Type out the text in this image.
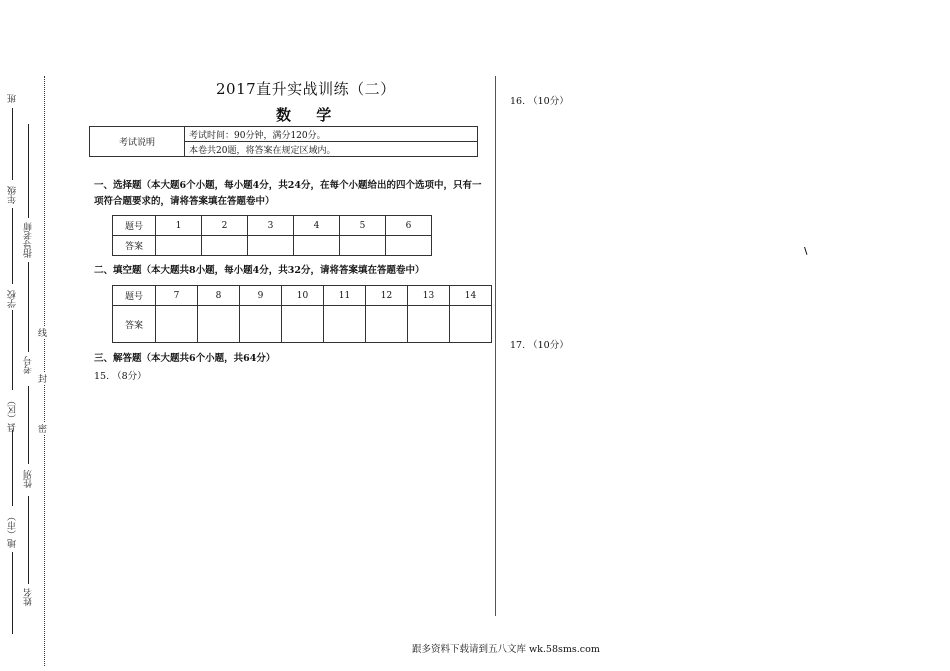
班
年级
指导老师
学校
考号
县（区）
性别
地（市）
姓名
线
封
密
2017直升实战训练（二）
数 学
考试说明	考试时间：90分钟，满分120分。
本卷共20题，将答案在规定区域内。
一、选择题（本大题6个小题，每小题4分，共24分，在每个小题给出的四个选项中，只有一项符合题要求的，请将答案填在答题卷中）
题号	1	2	3	4	5	6
答案						
二、填空题（本大题共8小题，每小题4分，共32分，请将答案填在答题卷中）
题号	7	8	9	10	11	12	13	14
答案								
三、解答题（本大题共6个小题，共64分）
15. （8分）
16. （10分）
\
17. （10分）
跟多资料下载请到五八文库 wk.58sms.com
